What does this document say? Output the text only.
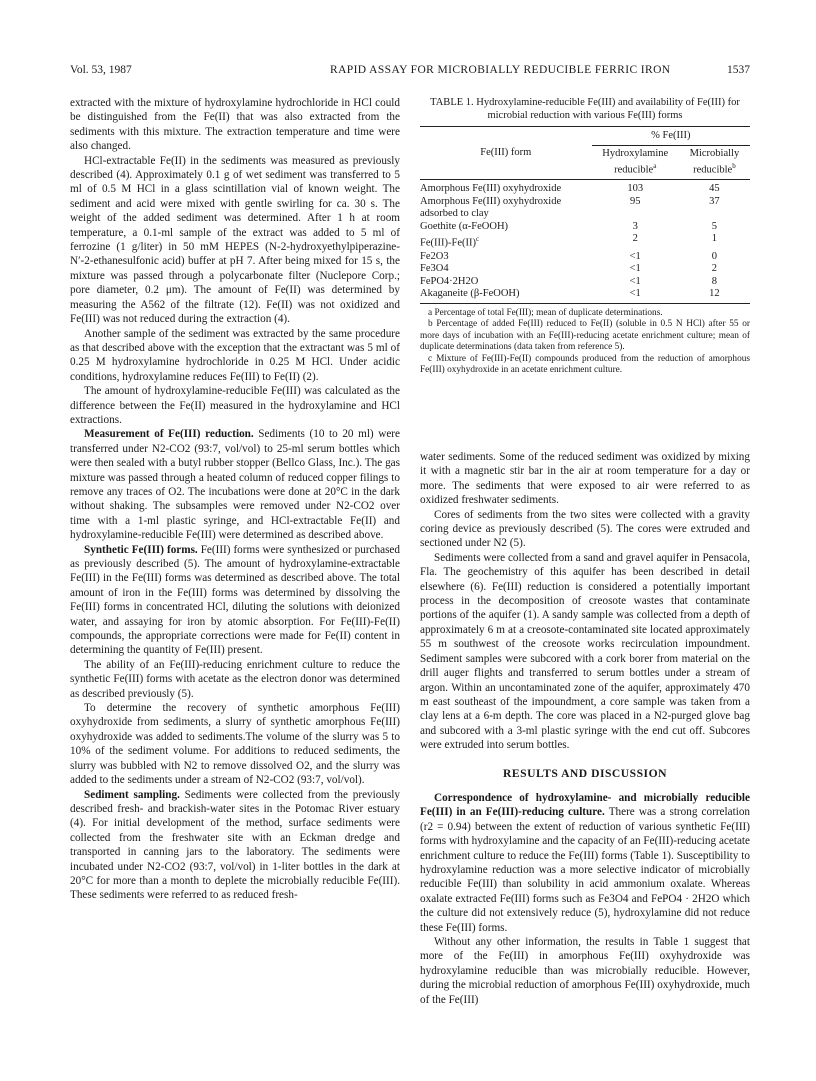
Vol. 53, 1987	RAPID ASSAY FOR MICROBIALLY REDUCIBLE FERRIC IRON	1537

extracted with the mixture of hydroxylamine hydrochloride in HCl could be distinguished from the Fe(II) that was also extracted from the sediments with this mixture. The extraction temperature and time were also changed.

HCl-extractable Fe(II) in the sediments was measured as previously described (4). Approximately 0.1 g of wet sediment was transferred to 5 ml of 0.5 M HCl in a glass scintillation vial of known weight. The sediment and acid were mixed with gentle swirling for ca. 30 s. The weight of the added sediment was determined. After 1 h at room temperature, a 0.1-ml sample of the extract was added to 5 ml of ferrozine (1 g/liter) in 50 mM HEPES (N-2-hydroxyethylpiperazine-N′-2-ethanesulfonic acid) buffer at pH 7. After being mixed for 15 s, the mixture was passed through a polycarbonate filter (Nuclepore Corp.; pore diameter, 0.2 μm). The amount of Fe(II) was determined by measuring the A562 of the filtrate (12). Fe(II) was not oxidized and Fe(III) was not reduced during the extraction (4).

Another sample of the sediment was extracted by the same procedure as that described above with the exception that the extractant was 5 ml of 0.25 M hydroxylamine hydrochloride in 0.25 M HCl. Under acidic conditions, hydroxylamine reduces Fe(III) to Fe(II) (2).

The amount of hydroxylamine-reducible Fe(III) was calculated as the difference between the Fe(II) measured in the hydroxylamine and HCl extractions.

Measurement of Fe(III) reduction. Sediments (10 to 20 ml) were transferred under N2-CO2 (93:7, vol/vol) to 25-ml serum bottles which were then sealed with a butyl rubber stopper (Bellco Glass, Inc.). The gas mixture was passed through a heated column of reduced copper filings to remove any traces of O2. The incubations were done at 20°C in the dark without shaking. The subsamples were removed under N2-CO2 over time with a 1-ml plastic syringe, and HCl-extractable Fe(II) and hydroxylamine-reducible Fe(III) were determined as described above.

Synthetic Fe(III) forms. Fe(III) forms were synthesized or purchased as previously described (5). The amount of hydroxylamine-extractable Fe(III) in the Fe(III) forms was determined as described above. The total amount of iron in the Fe(III) forms was determined by dissolving the Fe(III) forms in concentrated HCl, diluting the solutions with deionized water, and assaying for iron by atomic absorption. For Fe(III)-Fe(II) compounds, the appropriate corrections were made for Fe(II) content in determining the quantity of Fe(III) present.

The ability of an Fe(III)-reducing enrichment culture to reduce the synthetic Fe(III) forms with acetate as the electron donor was determined as described previously (5).

To determine the recovery of synthetic amorphous Fe(III) oxyhydroxide from sediments, a slurry of synthetic amorphous Fe(III) oxyhydroxide was added to sediments.The volume of the slurry was 5 to 10% of the sediment volume. For additions to reduced sediments, the slurry was bubbled with N2 to remove dissolved O2, and the slurry was added to the sediments under a stream of N2-CO2 (93:7, vol/vol).

Sediment sampling. Sediments were collected from the previously described fresh- and brackish-water sites in the Potomac River estuary (4). For initial development of the method, surface sediments were collected from the freshwater site with an Eckman dredge and transported in canning jars to the laboratory. The sediments were incubated under N2-CO2 (93:7, vol/vol) in 1-liter bottles in the dark at 20°C for more than a month to deplete the microbially reducible Fe(III). These sediments were referred to as reduced fresh-

TABLE 1. Hydroxylamine-reducible Fe(III) and availability of Fe(III) for microbial reduction with various Fe(III) forms
Fe(III) form	% Fe(III)	
	Hydroxylamine reducible$^a$	Microbially reducible$^b$
Amorphous Fe(III) oxyhydroxide	103	45
Amorphous Fe(III) oxyhydroxide adsorbed to clay	95	37
Goethite (α-FeOOH)	3	5
Fe(III)-Fe(II)$^c$	2	1
Fe2O3	<1	0
Fe3O4	<1	2
FePO4·2H2O	<1	8
Akaganeite (β-FeOOH)	<1	12

a Percentage of total Fe(III); mean of duplicate determinations.

b Percentage of added Fe(III) reduced to Fe(II) (soluble in 0.5 N HCl) after 55 or more days of incubation with an Fe(III)-reducing acetate enrichment culture; mean of duplicate determinations (data taken from reference 5).

c Mixture of Fe(III)-Fe(II) compounds produced from the reduction of amorphous Fe(III) oxyhydroxide in an acetate enrichment culture.

water sediments. Some of the reduced sediment was oxidized by mixing it with a magnetic stir bar in the air at room temperature for a day or more. The sediments that were exposed to air were referred to as oxidized freshwater sediments.

Cores of sediments from the two sites were collected with a gravity coring device as previously described (5). The cores were extruded and sectioned under N2 (5).

Sediments were collected from a sand and gravel aquifer in Pensacola, Fla. The geochemistry of this aquifer has been described in detail elsewhere (6). Fe(III) reduction is considered a potentially important process in the decomposition of creosote wastes that contaminate portions of the aquifer (1). A sandy sample was collected from a depth of approximately 6 m at a creosote-contaminated site located approximately 55 m southwest of the creosote works recirculation impoundment. Sediment samples were subcored with a cork borer from material on the drill auger flights and transferred to serum bottles under a stream of argon. Within an uncontaminated zone of the aquifer, approximately 470 m east southeast of the impoundment, a core sample was taken from a clay lens at a 6-m depth. The core was placed in a N2-purged glove bag and subcored with a 3-ml plastic syringe with the end cut off. Subcores were extruded into serum bottles.

RESULTS AND DISCUSSION

Correspondence of hydroxylamine- and microbially reducible Fe(III) in an Fe(III)-reducing culture. There was a strong correlation (r2 = 0.94) between the extent of reduction of various synthetic Fe(III) forms with hydroxylamine and the capacity of an Fe(III)-reducing acetate enrichment culture to reduce the Fe(III) forms (Table 1). Susceptibility to hydroxylamine reduction was a more selective indicator of microbially reducible Fe(III) than solubility in acid ammonium oxalate. Whereas oxalate extracted Fe(III) forms such as Fe3O4 and FePO4 · 2H2O which the culture did not extensively reduce (5), hydroxylamine did not reduce these Fe(III) forms.

Without any other information, the results in Table 1 suggest that more of the Fe(III) in amorphous Fe(III) oxyhydroxide was hydroxylamine reducible than was microbially reducible. However, during the microbial reduction of amorphous Fe(III) oxyhydroxide, much of the Fe(III)
